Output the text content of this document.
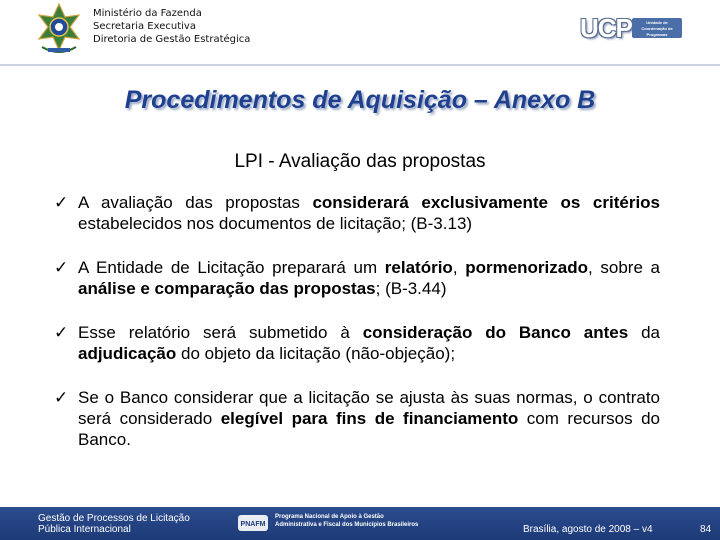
Ministério da Fazenda
Secretaria Executiva
Diretoria de Gestão Estratégica	UCP	Unidade de
Coordenação de
Programas
Procedimentos de Aquisição – Anexo B
LPI - Avaliação das propostas
✓ A avaliação das propostas considerará exclusivamente os critérios estabelecidos nos documentos de licitação; (B-3.13)
✓ A Entidade de Licitação preparará um relatório, pormenorizado, sobre a análise e comparação das propostas; (B-3.44)
✓ Esse relatório será submetido à consideração do Banco antes da adjudicação do objeto da licitação (não-objeção);
✓ Se o Banco considerar que a licitação se ajusta às suas normas, o contrato será considerado elegível para fins de financiamento com recursos do Banco.
Gestão de Processos de Licitação
Pública Internacional	PNAFM
Programa Nacional de Apoio à Gestão
Administrativa e Fiscal dos Municípios Brasileiros	Brasília, agosto de 2008 – v4	84
